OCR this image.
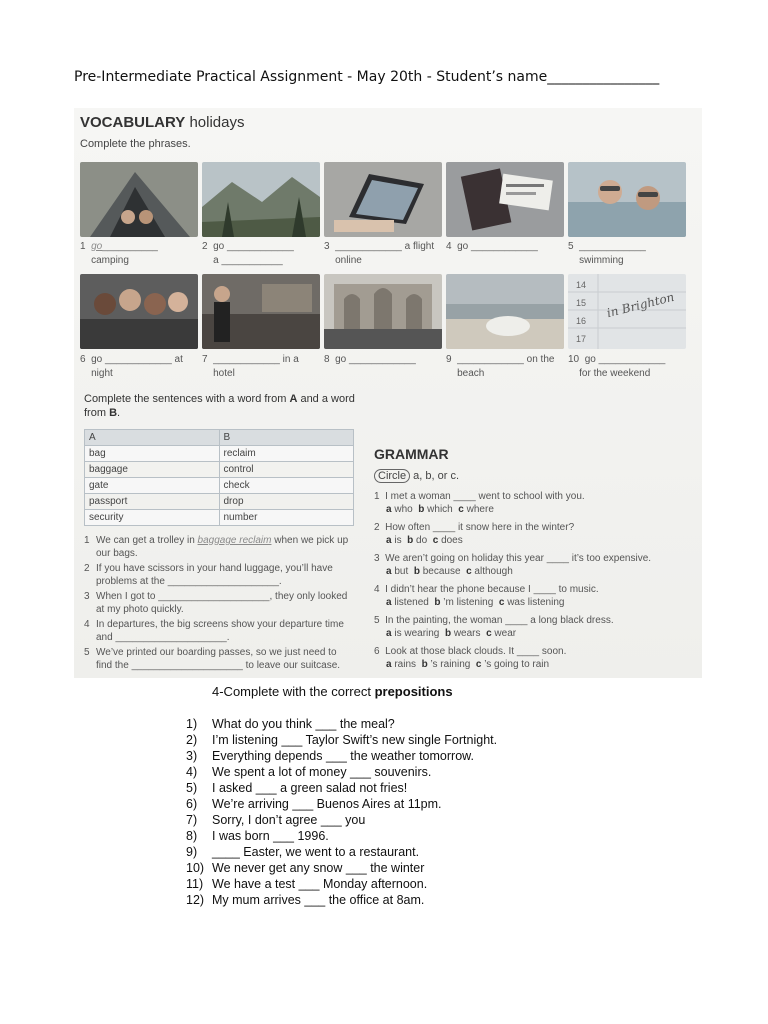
Pre-Intermediate Practical Assignment - May 20th - Student’s name________________
VOCABULARY holidays
Complete the phrases.
1 go__________
camping
2 go ____________
a ___________
3 ____________ a flight
online
4 go ____________	5 ____________
swimming
14
15
16
17
in Brighton
6 go ____________ at
night
7 ____________ in a
hotel
8 go ____________	9 ____________ on the
beach
10 go ____________
for the weekend
Complete the sentences with a word from A and a word from B.
A	B
bag	reclaim
baggage	control
gate	check
passport	drop
security	number
1 We can get a trolley in baggage reclaim when we pick up our bags.
2 If you have scissors in your hand luggage, you’ll have problems at the ____________________.
3 When I got to ____________________, they only looked at my photo quickly.
4 In departures, the big screens show your departure time and ____________________.
5 We’ve printed our boarding passes, so we just need to find the ____________________ to leave our suitcase.
GRAMMAR
Circle a, b, or c.
1 I met a woman ____ went to school with you.
a who b which c where
2 How often ____ it snow here in the winter?
a is b do c does
3 We aren’t going on holiday this year ____ it’s too expensive.
a but b because c although
4 I didn’t hear the phone because I ____ to music.
a listened b ’m listening c was listening
5 In the painting, the woman ____ a long black dress.
a is wearing b wears c wear
6 Look at those black clouds. It ____ soon.
a rains b ’s raining c ’s going to rain
4-Complete with the correct prepositions
1)	What do you think ___ the meal?
2)	I’m listening ___ Taylor Swift’s new single Fortnight.
3)	Everything depends ___ the weather tomorrow.
4)	We spent a lot of money ___ souvenirs.
5)	I asked ___ a green salad not fries!
6)	We’re arriving ___ Buenos Aires at 11pm.
7)	Sorry, I don’t agree ___ you
8)	I was born ___ 1996.
9)	____ Easter, we went to a restaurant.
10) We never get any snow ___ the winter
11) We have a test ___ Monday afternoon.
12) My mum arrives ___ the office at 8am.
